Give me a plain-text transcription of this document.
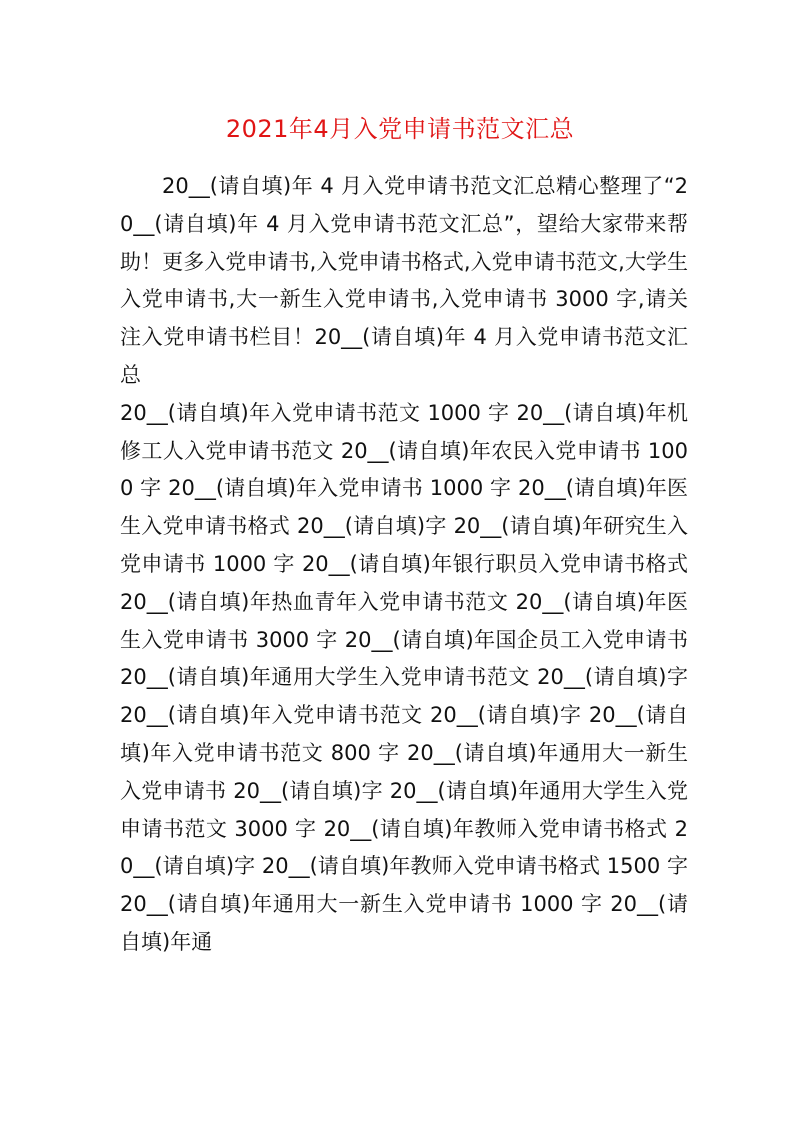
2021年4月入党申请书范文汇总

20__(请自填)年 4 月入党申请书范文汇总精心整理了“20__(请自填)年 4 月入党申请书范文汇总”，望给大家带来帮助！更多入党申请书,入党申请书格式,入党申请书范文,大学生入党申请书,大一新生入党申请书,入党申请书 3000 字,请关注入党申请书栏目！20__(请自填)年 4 月入党申请书范文汇总

20__(请自填)年入党申请书范文 1000 字 20__(请自填)年机修工人入党申请书范文 20__(请自填)年农民入党申请书 1000 字 20__(请自填)年入党申请书 1000 字 20__(请自填)年医生入党申请书格式 20__(请自填)字 20__(请自填)年研究生入党申请书 1000 字 20__(请自填)年银行职员入党申请书格式 20__(请自填)年热血青年入党申请书范文 20__(请自填)年医生入党申请书 3000 字 20__(请自填)年国企员工入党申请书 20__(请自填)年通用大学生入党申请书范文 20__(请自填)字 20__(请自填)年入党申请书范文 20__(请自填)字 20__(请自填)年入党申请书范文 800 字 20__(请自填)年通用大一新生入党申请书 20__(请自填)字 20__(请自填)年通用大学生入党申请书范文 3000 字 20__(请自填)年教师入党申请书格式 20__(请自填)字 20__(请自填)年教师入党申请书格式 1500 字 20__(请自填)年通用大一新生入党申请书 1000 字 20__(请自填)年通
